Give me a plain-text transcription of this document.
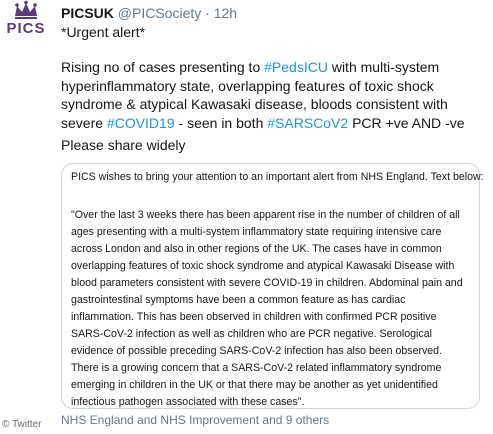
PICS
PICSUK @PICSociety · 12h
*Urgent alert*
Rising no of cases presenting to #PedsICU with multi-system hyperinflammatory state, overlapping features of toxic shock syndrome & atypical Kawasaki disease, bloods consistent with severe #COVID19 - seen in both #SARSCoV2 PCR +ve AND -ve
Please share widely
PICS wishes to bring your attention to an important alert from NHS England. Text below:
"Over the last 3 weeks there has been apparent rise in the number of children of all ages presenting with a multi-system inflammatory state requiring intensive care across London and also in other regions of the UK. The cases have in common overlapping features of toxic shock syndrome and atypical Kawasaki Disease with blood parameters consistent with severe COVID-19 in children. Abdominal pain and gastrointestinal symptoms have been a common feature as has cardiac inflammation. This has been observed in children with confirmed PCR positive SARS-CoV-2 infection as well as children who are PCR negative. Serological evidence of possible preceding SARS-CoV-2 infection has also been observed. There is a growing concern that a SARS-CoV-2 related inflammatory syndrome emerging in children in the UK or that there may be another as yet unidentified infectious pathogen associated with these cases".
NHS England and NHS Improvement and 9 others
© Twitter
